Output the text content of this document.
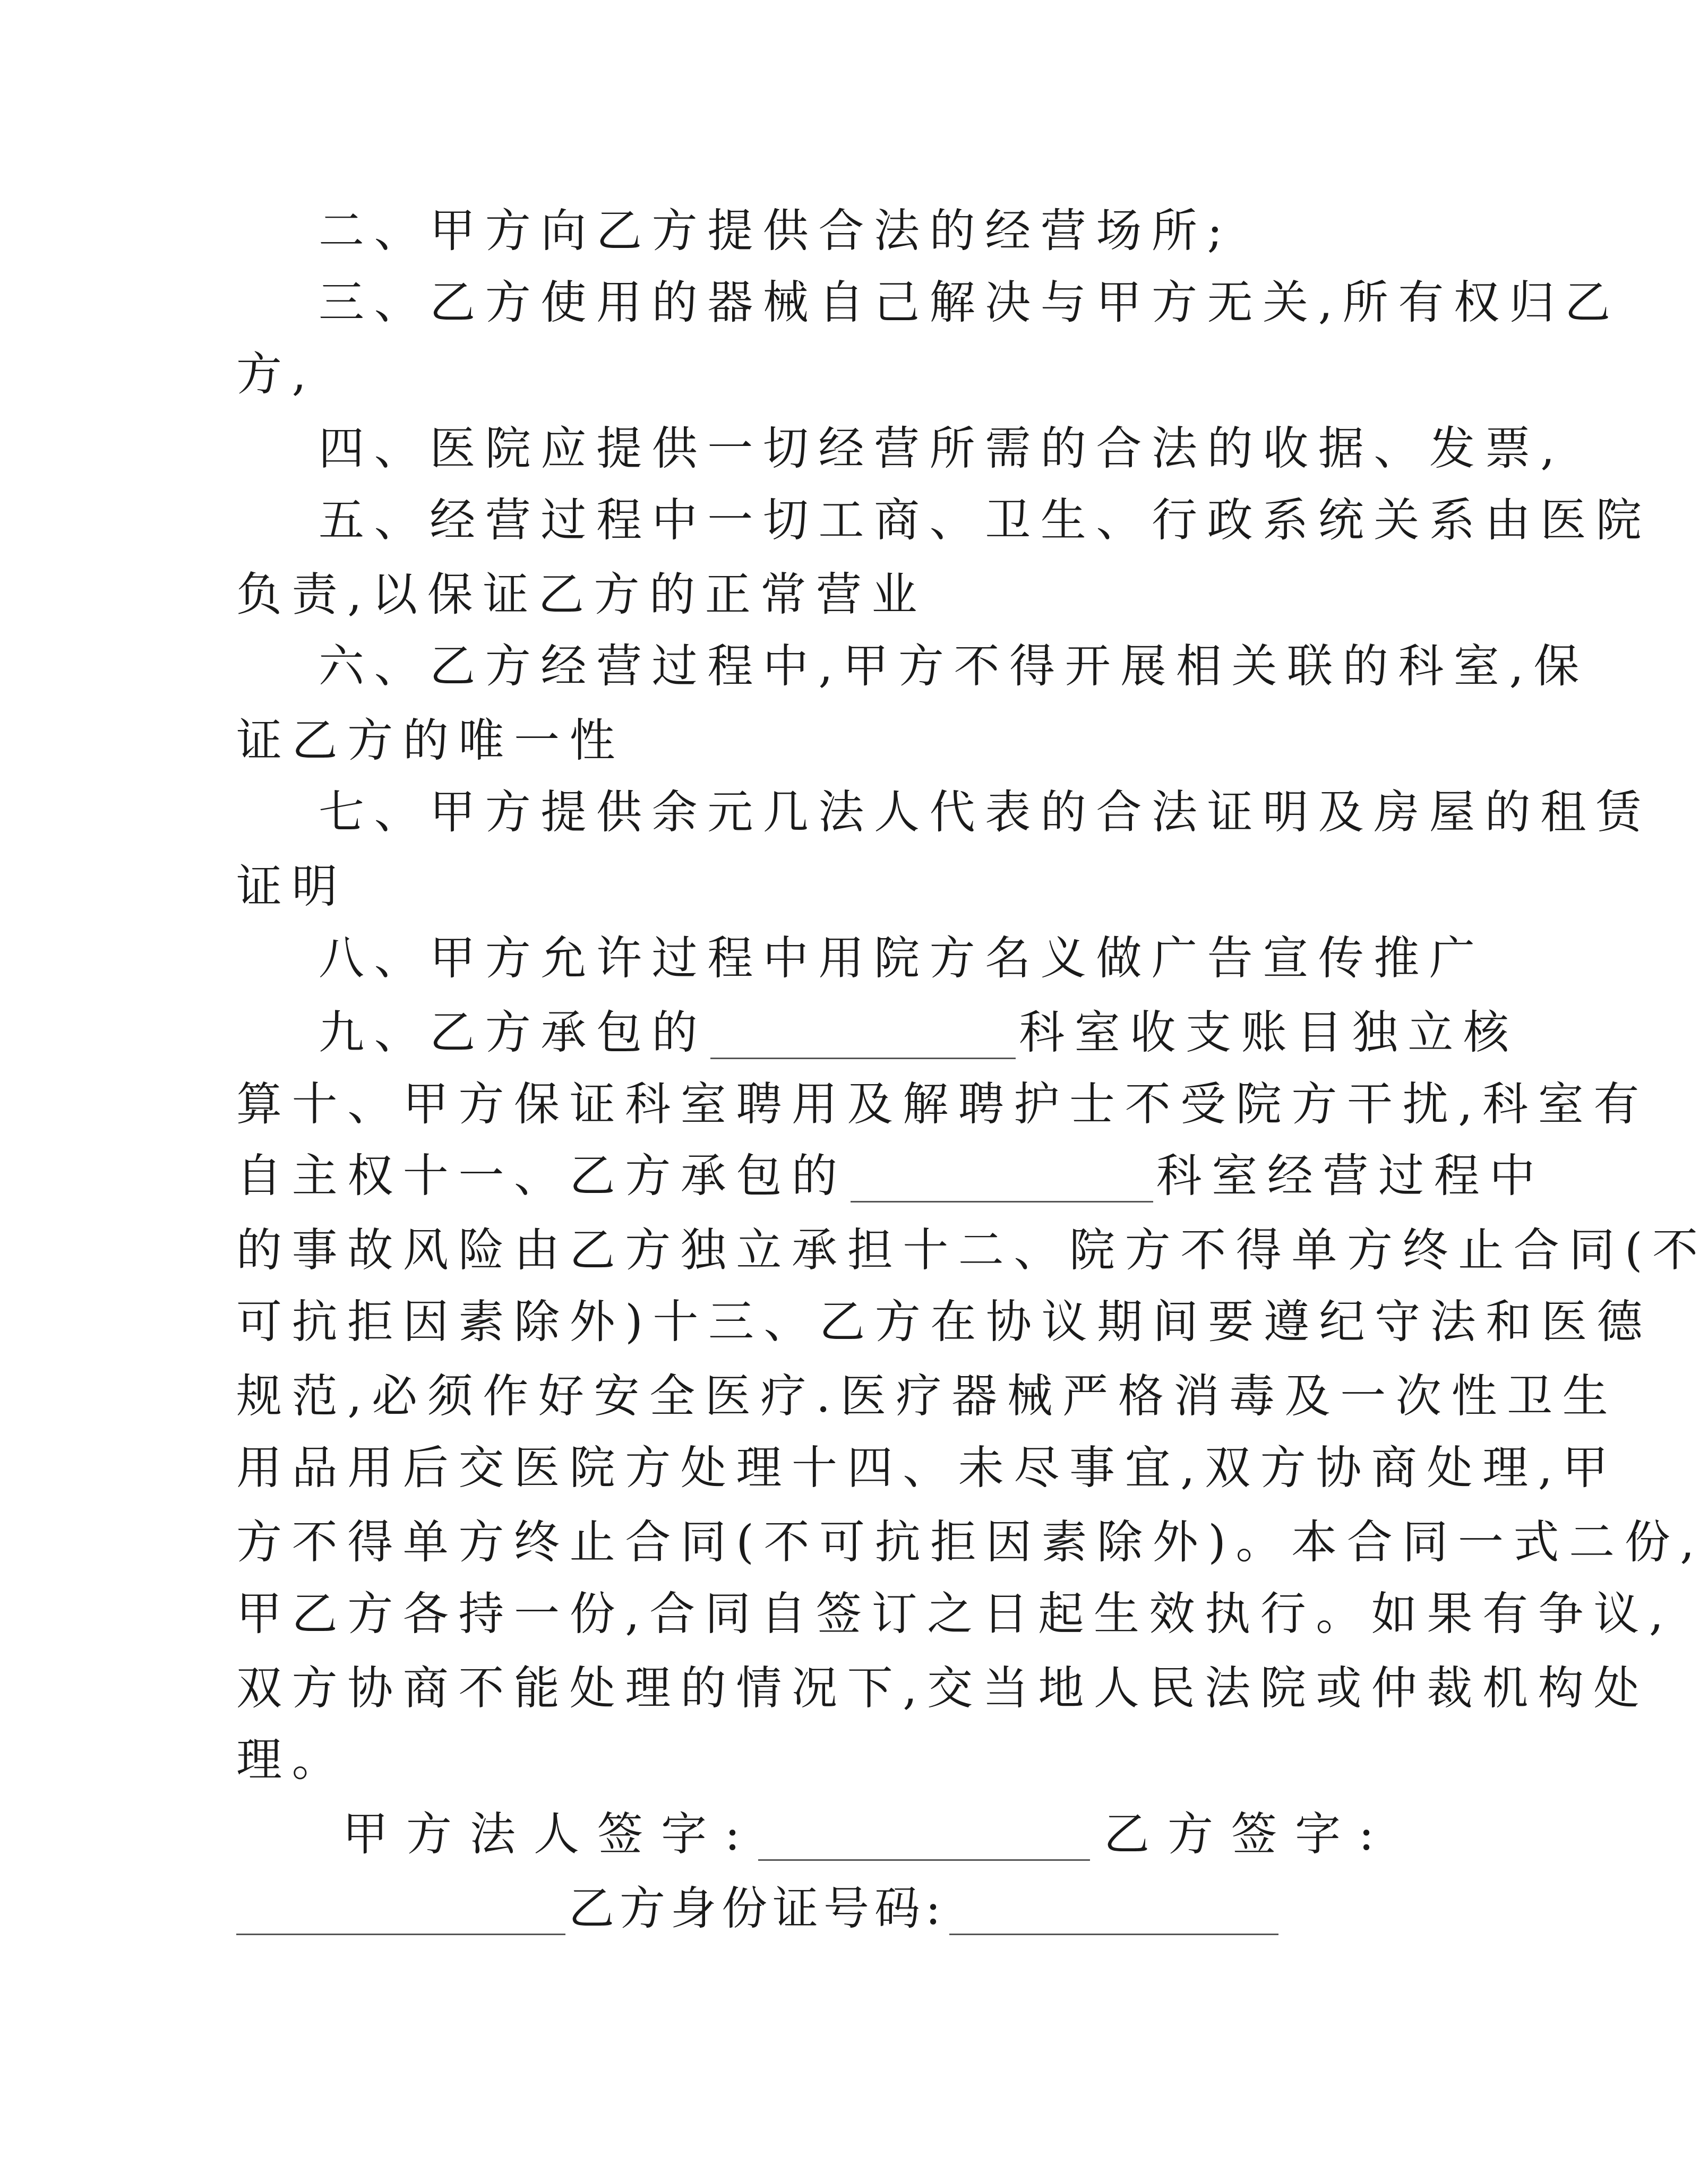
二、甲方向乙方提供合法的经营场所;
三、乙方使用的器械自己解决与甲方无关,所有权归乙
方,
四、医院应提供一切经营所需的合法的收据、发票,
五、经营过程中一切工商、卫生、行政系统关系由医院
负责,以保证乙方的正常营业
六、乙方经营过程中,甲方不得开展相关联的科室,保
证乙方的唯一性
七、甲方提供余元几法人代表的合法证明及房屋的租赁
证明
八、甲方允许过程中用院方名义做广告宣传推广
九、乙方承包的	科室收支账目独立核
算十、甲方保证科室聘用及解聘护士不受院方干扰,科室有
自主权十一、乙方承包的	科室经营过程中
的事故风险由乙方独立承担十二、院方不得单方终止合同(不
可抗拒因素除外)十三、乙方在协议期间要遵纪守法和医德
规范,必须作好安全医疗.医疗器械严格消毒及一次性卫生
用品用后交医院方处理十四、未尽事宜,双方协商处理,甲
方不得单方终止合同(不可抗拒因素除外)。本合同一式二份,
甲乙方各持一份,合同自签订之日起生效执行。如果有争议,
双方协商不能处理的情况下,交当地人民法院或仲裁机构处
理。
甲方法人签字:	乙方签字:
乙方身份证号码:
